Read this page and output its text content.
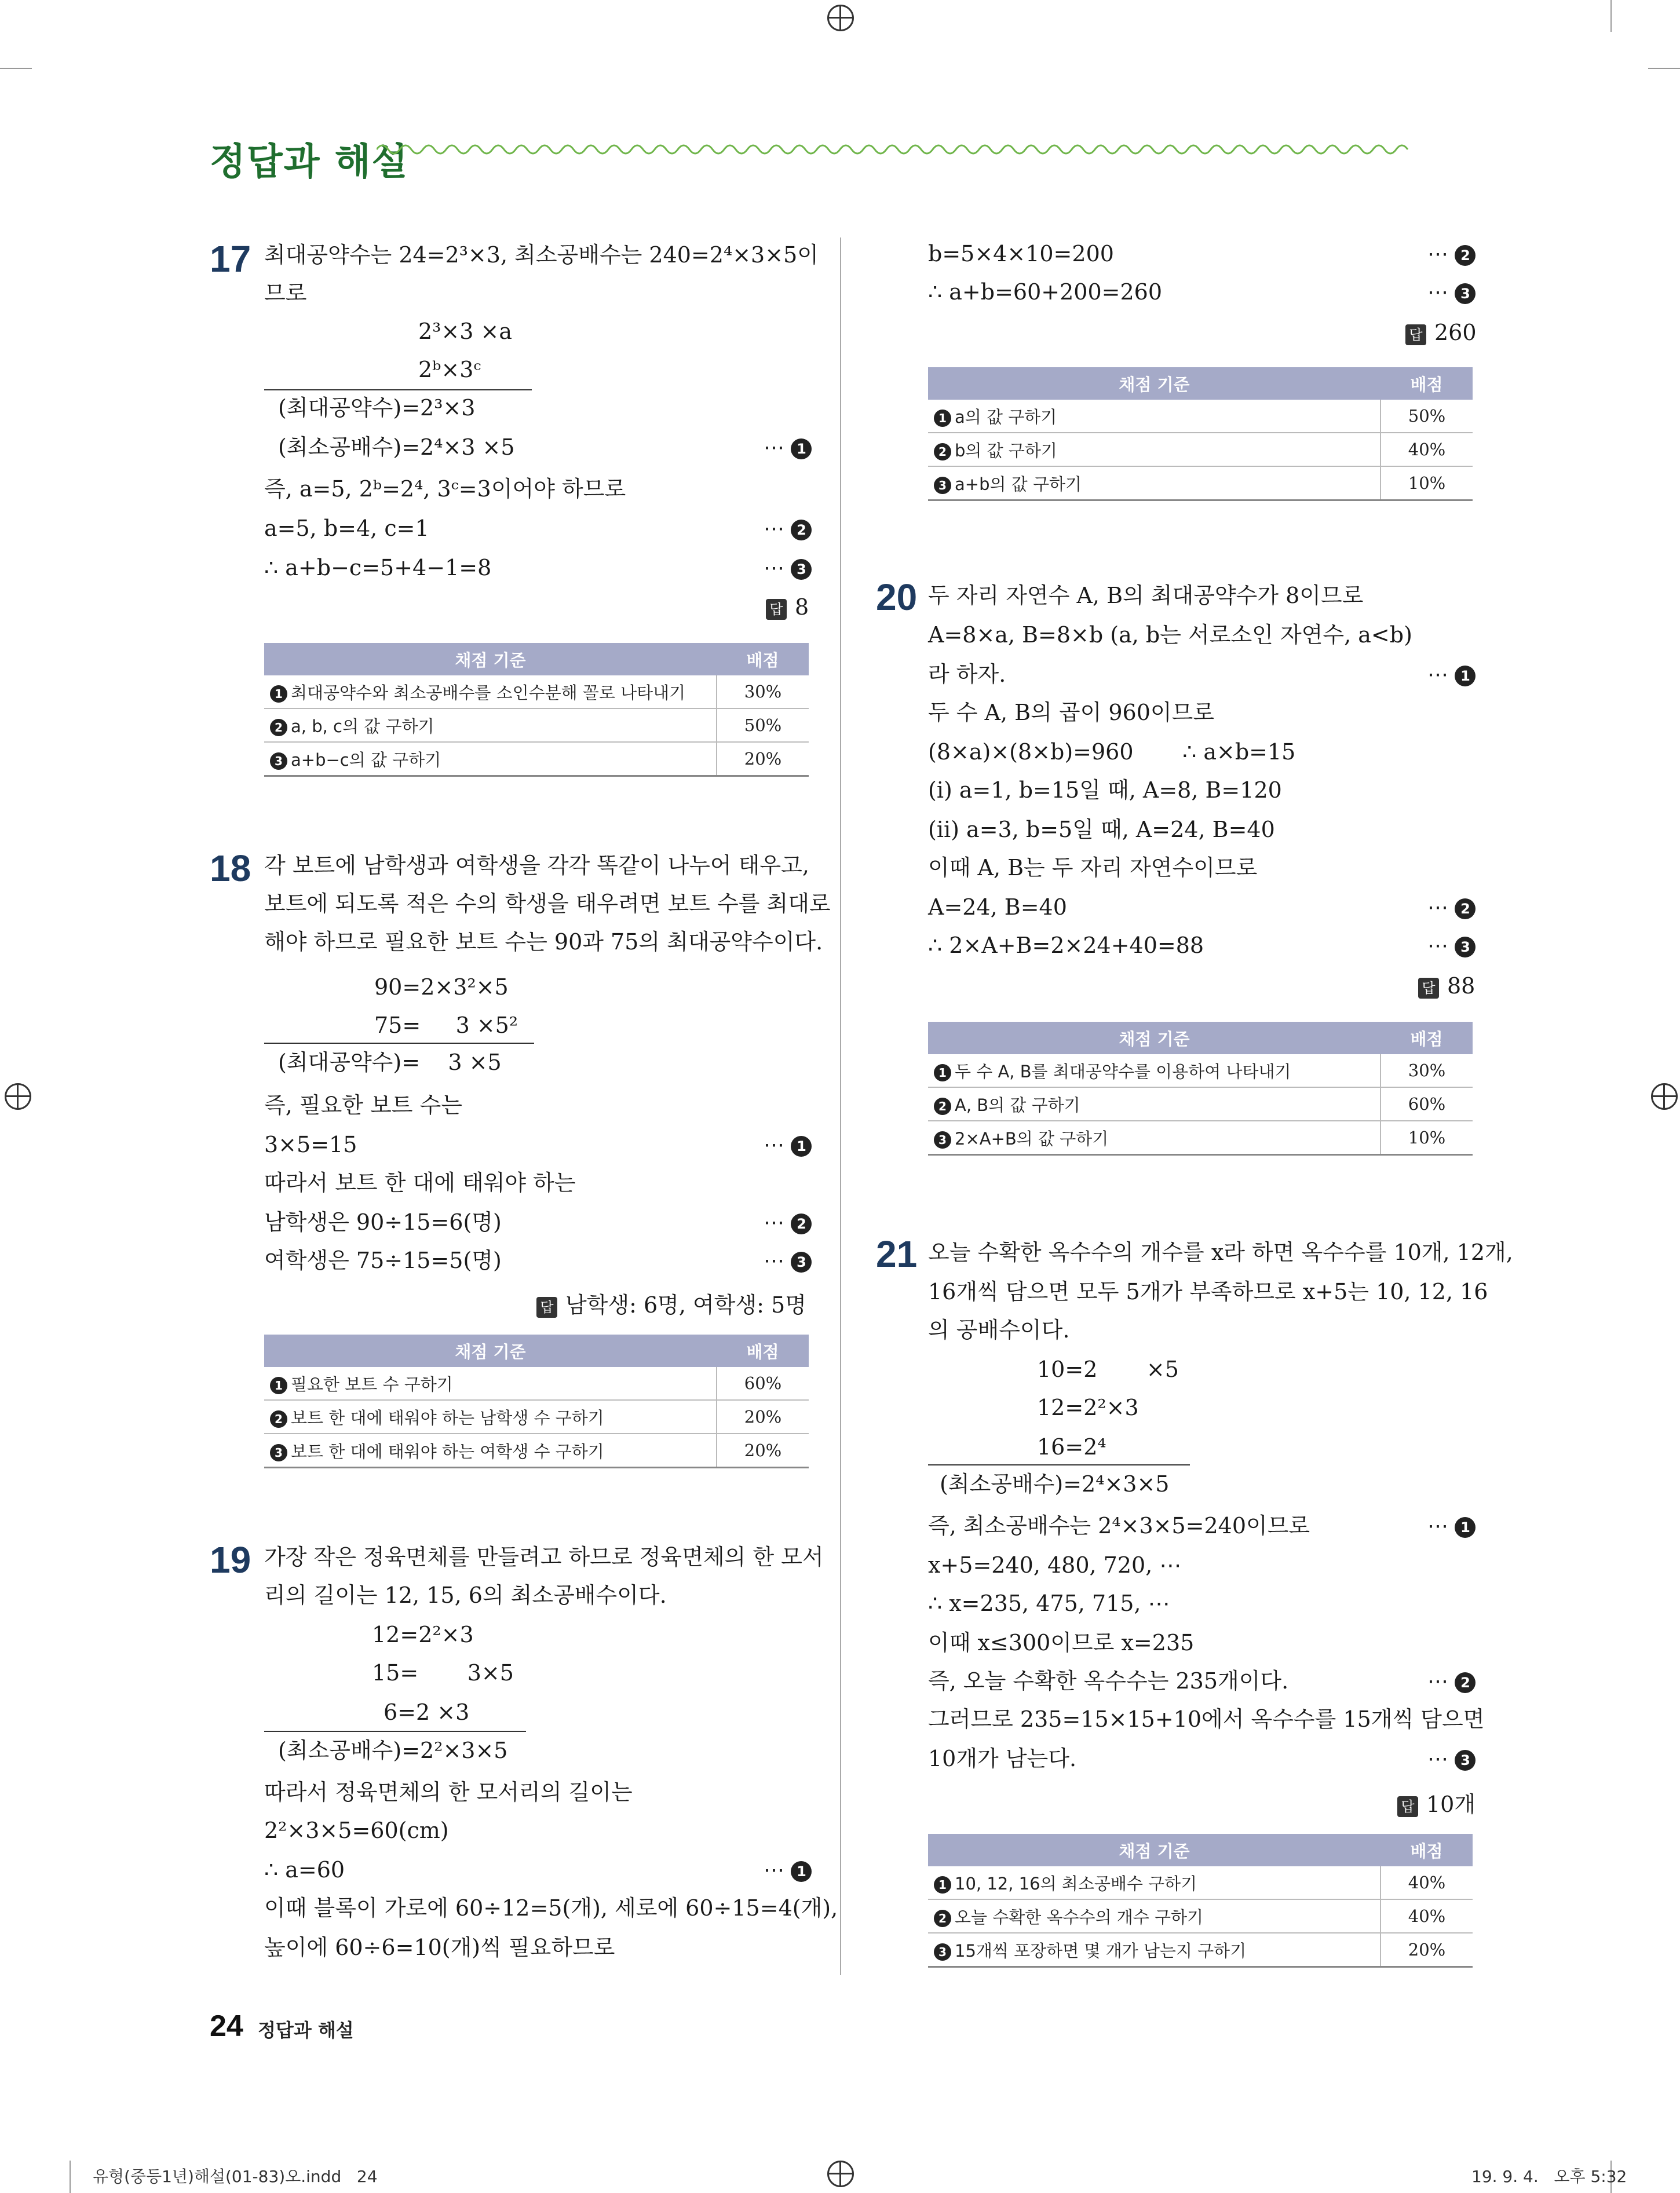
정답과 해설
17 최대공약수는 24=2³×3, 최소공배수는 240=2⁴×3×5이
므로
2³×3 ×a
2ᵇ×3ᶜ
(최대공약수)=2³×3
(최소공배수)=2⁴×3 ×5	⋯ 1
즉, a=5, 2ᵇ=2⁴, 3ᶜ=3이어야 하므로
a=5, b=4, c=1	⋯ 2
∴ a+b−c=5+4−1=8	⋯ 3
답 8
채점 기준	배점
1 최대공약수와 최소공배수를 소인수분해 꼴로 나타내기	30%
2 a, b, c의 값 구하기	50%
3 a+b−c의 값 구하기	20%
18 각 보트에 남학생과 여학생을 각각 똑같이 나누어 태우고,
보트에 되도록 적은 수의 학생을 태우려면 보트 수를 최대로
해야 하므로 필요한 보트 수는 90과 75의 최대공약수이다.
90=2×3²×5
75=     3 ×5²
(최대공약수)=    3 ×5
즉, 필요한 보트 수는
3×5=15	⋯ 1
따라서 보트 한 대에 태워야 하는
남학생은 90÷15=6(명)	⋯ 2
여학생은 75÷15=5(명)	⋯ 3
답 남학생: 6명, 여학생: 5명
채점 기준	배점
1 필요한 보트 수 구하기	60%
2 보트 한 대에 태워야 하는 남학생 수 구하기	20%
3 보트 한 대에 태워야 하는 여학생 수 구하기	20%
19 가장 작은 정육면체를 만들려고 하므로 정육면체의 한 모서
리의 길이는 12, 15, 6의 최소공배수이다.
12=2²×3
15=       3×5
6=2 ×3
(최소공배수)=2²×3×5
따라서 정육면체의 한 모서리의 길이는
2²×3×5=60(cm)
∴ a=60	⋯ 1
이때 블록이 가로에 60÷12=5(개), 세로에 60÷15=4(개),
높이에 60÷6=10(개)씩 필요하므로
b=5×4×10=200	⋯ 2
∴ a+b=60+200=260	⋯ 3
답 260
채점 기준	배점
1 a의 값 구하기	50%
2 b의 값 구하기	40%
3 a+b의 값 구하기	10%
20 두 자리 자연수 A, B의 최대공약수가 8이므로
A=8×a, B=8×b (a, b는 서로소인 자연수, a<b)
라 하자.	⋯ 1
두 수 A, B의 곱이 960이므로
(8×a)×(8×b)=960       ∴ a×b=15
(ⅰ) a=1, b=15일 때, A=8, B=120
(ⅱ) a=3, b=5일 때, A=24, B=40
이때 A, B는 두 자리 자연수이므로
A=24, B=40	⋯ 2
∴ 2×A+B=2×24+40=88	⋯ 3
답 88
채점 기준	배점
1 두 수 A, B를 최대공약수를 이용하여 나타내기	30%
2 A, B의 값 구하기	60%
3 2×A+B의 값 구하기	10%
21 오늘 수확한 옥수수의 개수를 x라 하면 옥수수를 10개, 12개,
16개씩 담으면 모두 5개가 부족하므로 x+5는 10, 12, 16
의 공배수이다.
10=2       ×5
12=2²×3
16=2⁴
(최소공배수)=2⁴×3×5
즉, 최소공배수는 2⁴×3×5=240이므로	⋯ 1
x+5=240, 480, 720, ⋯
∴ x=235, 475, 715, ⋯
이때 x≤300이므로 x=235
즉, 오늘 수확한 옥수수는 235개이다.	⋯ 2
그러므로 235=15×15+10에서 옥수수를 15개씩 담으면
10개가 남는다.	⋯ 3
답 10개
채점 기준	배점
1 10, 12, 16의 최소공배수 구하기	40%
2 오늘 수확한 옥수수의 개수 구하기	40%
3 15개씩 포장하면 몇 개가 남는지 구하기	20%
24 정답과 해설
유형(중등1년)해설(01-83)오.indd   24	19. 9. 4.   오후 5:32
